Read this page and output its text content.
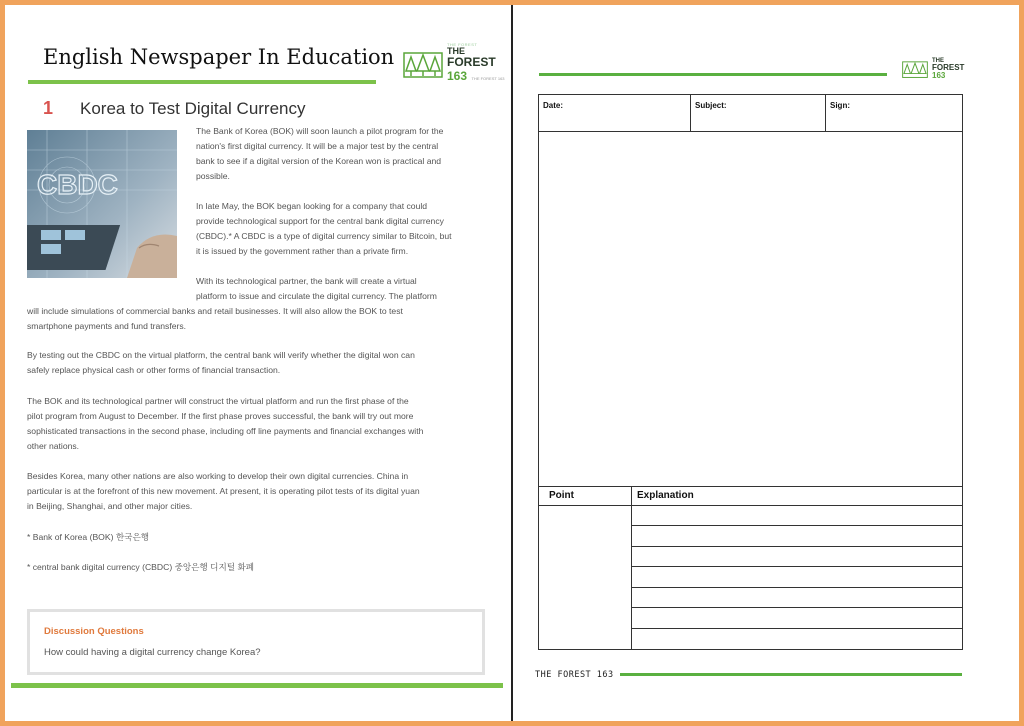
English Newspaper In Education
THE FOREST
THE
FOREST
163 THE FOREST 163
1 Korea to Test Digital Currency
CBDC

The Bank of Korea (BOK) will soon launch a pilot program for the
nation's first digital currency. It will be a major test by the central
bank to see if a digital version of the Korean won is practical and
possible.

In late May, the BOK began looking for a company that could
provide technological support for the central bank digital currency
(CBDC).* A CBDC is a type of digital currency similar to Bitcoin, but
it is issued by the government rather than a private firm.

With its technological partner, the bank will create a virtual
platform to issue and circulate the digital currency. The platform

will include simulations of commercial banks and retail businesses. It will also allow the BOK to test
smartphone payments and fund transfers.

By testing out the CBDC on the virtual platform, the central bank will verify whether the digital won can
safely replace physical cash or other forms of financial transaction.

The BOK and its technological partner will construct the virtual platform and run the first phase of the
pilot program from August to December. If the first phase proves successful, the bank will try out more
sophisticated transactions in the second phase, including off line payments and financial exchanges with
other nations.

Besides Korea, many other nations are also working to develop their own digital currencies. China in
particular is at the forefront of this new movement. At present, it is operating pilot tests of its digital yuan
in Beijing, Shanghai, and other major cities.

* Bank of Korea (BOK) 한국은행
* central bank digital currency (CBDC) 중앙은행 디지털 화폐
Discussion Questions
How could having a digital currency change Korea?
THE
FOREST
163
Date:	Subject:	Sign:
Point	Explanation
THE FOREST 163
